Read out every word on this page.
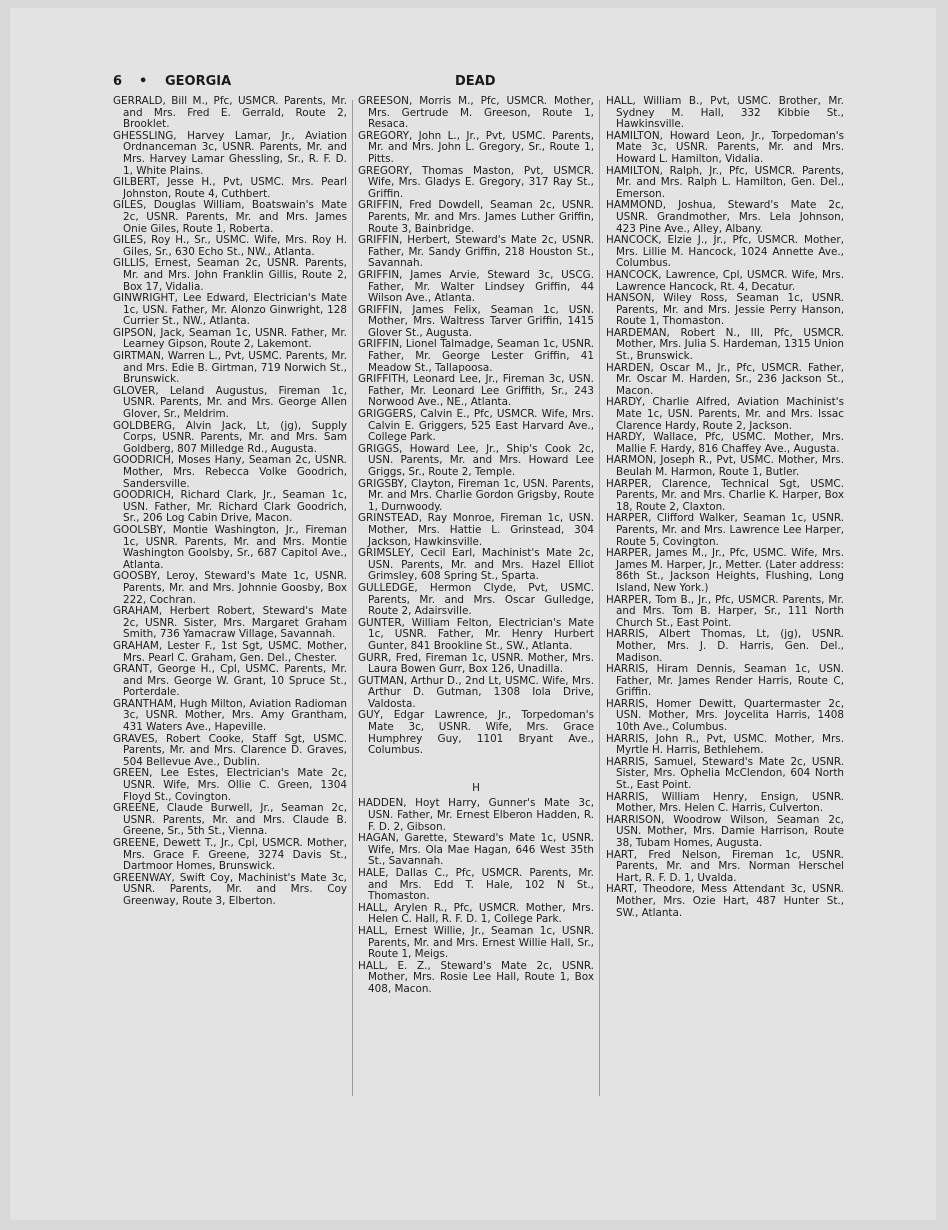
6 • GEORGIA	DEAD

GERRALD, Bill M., Pfc, USMCR. Parents, Mr. and Mrs. Fred E. Gerrald, Route 2, Brooklet.

GHESSLING, Harvey Lamar, Jr., Aviation Ordnanceman 3c, USNR. Parents, Mr. and Mrs. Harvey Lamar Ghessling, Sr., R. F. D. 1, White Plains.

GILBERT, Jesse H., Pvt, USMC. Mrs. Pearl Johnston, Route 4, Cuthbert.

GILES, Douglas William, Boatswain's Mate 2c, USNR. Parents, Mr. and Mrs. James Onie Giles, Route 1, Roberta.

GILES, Roy H., Sr., USMC. Wife, Mrs. Roy H. Giles, Sr., 630 Echo St., NW., Atlanta.

GILLIS, Ernest, Seaman 2c, USNR. Parents, Mr. and Mrs. John Franklin Gillis, Route 2, Box 17, Vidalia.

GINWRIGHT, Lee Edward, Electrician's Mate 1c, USN. Father, Mr. Alonzo Ginwright, 128 Currier St., NW., Atlanta.

GIPSON, Jack, Seaman 1c, USNR. Father, Mr. Learney Gipson, Route 2, Lakemont.

GIRTMAN, Warren L., Pvt, USMC. Parents, Mr. and Mrs. Edie B. Girtman, 719 Norwich St., Brunswick.

GLOVER, Leland Augustus, Fireman 1c, USNR. Parents, Mr. and Mrs. George Allen Glover, Sr., Meldrim.

GOLDBERG, Alvin Jack, Lt, (jg), Supply Corps, USNR. Parents, Mr. and Mrs. Sam Goldberg, 807 Milledge Rd., Augusta.

GOODRICH, Moses Hany, Seaman 2c, USNR. Mother, Mrs. Rebecca Volke Goodrich, Sandersville.

GOODRICH, Richard Clark, Jr., Seaman 1c, USN. Father, Mr. Richard Clark Goodrich, Sr., 206 Log Cabin Drive, Macon.

GOOLSBY, Montie Washington, Jr., Fireman 1c, USNR. Parents, Mr. and Mrs. Montie Washington Goolsby, Sr., 687 Capitol Ave., Atlanta.

GOOSBY, Leroy, Steward's Mate 1c, USNR. Parents, Mr. and Mrs. Johnnie Goosby, Box 222, Cochran.

GRAHAM, Herbert Robert, Steward's Mate 2c, USNR. Sister, Mrs. Margaret Graham Smith, 736 Yamacraw Village, Savannah.

GRAHAM, Lester F., 1st Sgt, USMC. Mother, Mrs. Pearl C. Graham, Gen. Del., Chester.

GRANT, George H., Cpl, USMC. Parents, Mr. and Mrs. George W. Grant, 10 Spruce St., Porterdale.

GRANTHAM, Hugh Milton, Aviation Radioman 3c, USNR. Mother, Mrs. Amy Grantham, 431 Waters Ave., Hapeville.

GRAVES, Robert Cooke, Staff Sgt, USMC. Parents, Mr. and Mrs. Clarence D. Graves, 504 Bellevue Ave., Dublin.

GREEN, Lee Estes, Electrician's Mate 2c, USNR. Wife, Mrs. Ollie C. Green, 1304 Floyd St., Covington.

GREENE, Claude Burwell, Jr., Seaman 2c, USNR. Parents, Mr. and Mrs. Claude B. Greene, Sr., 5th St., Vienna.

GREENE, Dewett T., Jr., Cpl, USMCR. Mother, Mrs. Grace F. Greene, 3274 Davis St., Dartmoor Homes, Brunswick.

GREENWAY, Swift Coy, Machinist's Mate 3c, USNR. Parents, Mr. and Mrs. Coy Greenway, Route 3, Elberton.

GREESON, Morris M., Pfc, USMCR. Mother, Mrs. Gertrude M. Greeson, Route 1, Resaca.

GREGORY, John L., Jr., Pvt, USMC. Parents, Mr. and Mrs. John L. Gregory, Sr., Route 1, Pitts.

GREGORY, Thomas Maston, Pvt, USMCR. Wife, Mrs. Gladys E. Gregory, 317 Ray St., Griffin.

GRIFFIN, Fred Dowdell, Seaman 2c, USNR. Parents, Mr. and Mrs. James Luther Griffin, Route 3, Bainbridge.

GRIFFIN, Herbert, Steward's Mate 2c, USNR. Father, Mr. Sandy Griffin, 218 Houston St., Savannah.

GRIFFIN, James Arvie, Steward 3c, USCG. Father, Mr. Walter Lindsey Griffin, 44 Wilson Ave., Atlanta.

GRIFFIN, James Felix, Seaman 1c, USN. Mother, Mrs. Waltress Tarver Griffin, 1415 Glover St., Augusta.

GRIFFIN, Lionel Talmadge, Seaman 1c, USNR. Father, Mr. George Lester Griffin, 41 Meadow St., Tallapoosa.

GRIFFITH, Leonard Lee, Jr., Fireman 3c, USN. Father, Mr. Leonard Lee Griffith, Sr., 243 Norwood Ave., NE., Atlanta.

GRIGGERS, Calvin E., Pfc, USMCR. Wife, Mrs. Calvin E. Griggers, 525 East Harvard Ave., College Park.

GRIGGS, Howard Lee, Jr., Ship's Cook 2c, USN. Parents, Mr. and Mrs. Howard Lee Griggs, Sr., Route 2, Temple.

GRIGSBY, Clayton, Fireman 1c, USN. Parents, Mr. and Mrs. Charlie Gordon Grigsby, Route 1, Durnwoody.

GRINSTEAD, Ray Monroe, Fireman 1c, USN. Mother, Mrs. Hattie L. Grinstead, 304 Jackson, Hawkinsville.

GRIMSLEY, Cecil Earl, Machinist's Mate 2c, USN. Parents, Mr. and Mrs. Hazel Elliot Grimsley, 608 Spring St., Sparta.

GULLEDGE, Hermon Clyde, Pvt, USMC. Parents, Mr. and Mrs. Oscar Gulledge, Route 2, Adairsville.

GUNTER, William Felton, Electrician's Mate 1c, USNR. Father, Mr. Henry Hurbert Gunter, 841 Brookline St., SW., Atlanta.

GURR, Fred, Fireman 1c, USNR. Mother, Mrs. Laura Bowen Gurr, Box 126, Unadilla.

GUTMAN, Arthur D., 2nd Lt, USMC. Wife, Mrs. Arthur D. Gutman, 1308 Iola Drive, Valdosta.

GUY, Edgar Lawrence, Jr., Torpedoman's Mate 3c, USNR. Wife, Mrs. Grace Humphrey Guy, 1101 Bryant Ave., Columbus.

H

HADDEN, Hoyt Harry, Gunner's Mate 3c, USN. Father, Mr. Ernest Elberon Hadden, R. F. D. 2, Gibson.

HAGAN, Garette, Steward's Mate 1c, USNR. Wife, Mrs. Ola Mae Hagan, 646 West 35th St., Savannah.

HALE, Dallas C., Pfc, USMCR. Parents, Mr. and Mrs. Edd T. Hale, 102 N St., Thomaston.

HALL, Arylen R., Pfc, USMCR. Mother, Mrs. Helen C. Hall, R. F. D. 1, College Park.

HALL, Ernest Willie, Jr., Seaman 1c, USNR. Parents, Mr. and Mrs. Ernest Willie Hall, Sr., Route 1, Meigs.

HALL, E. Z., Steward's Mate 2c, USNR. Mother, Mrs. Rosie Lee Hall, Route 1, Box 408, Macon.

HALL, William B., Pvt, USMC. Brother, Mr. Sydney M. Hall, 332 Kibbie St., Hawkinsville.

HAMILTON, Howard Leon, Jr., Torpedoman's Mate 3c, USNR. Parents, Mr. and Mrs. Howard L. Hamilton, Vidalia.

HAMILTON, Ralph, Jr., Pfc, USMCR. Parents, Mr. and Mrs. Ralph L. Hamilton, Gen. Del., Emerson.

HAMMOND, Joshua, Steward's Mate 2c, USNR. Grandmother, Mrs. Lela Johnson, 423 Pine Ave., Alley, Albany.

HANCOCK, Elzie J., Jr., Pfc, USMCR. Mother, Mrs. Lillie M. Hancock, 1024 Annette Ave., Columbus.

HANCOCK, Lawrence, Cpl, USMCR. Wife, Mrs. Lawrence Hancock, Rt. 4, Decatur.

HANSON, Wiley Ross, Seaman 1c, USNR. Parents, Mr. and Mrs. Jessie Perry Hanson, Route 1, Thomaston.

HARDEMAN, Robert N., III, Pfc, USMCR. Mother, Mrs. Julia S. Hardeman, 1315 Union St., Brunswick.

HARDEN, Oscar M., Jr., Pfc, USMCR. Father, Mr. Oscar M. Harden, Sr., 236 Jackson St., Macon.

HARDY, Charlie Alfred, Aviation Machinist's Mate 1c, USN. Parents, Mr. and Mrs. Issac Clarence Hardy, Route 2, Jackson.

HARDY, Wallace, Pfc, USMC. Mother, Mrs. Mallie F. Hardy, 816 Chaffey Ave., Augusta.

HARMON, Joseph R., Pvt, USMC. Mother, Mrs. Beulah M. Harmon, Route 1, Butler.

HARPER, Clarence, Technical Sgt, USMC. Parents, Mr. and Mrs. Charlie K. Harper, Box 18, Route 2, Claxton.

HARPER, Clifford Walker, Seaman 1c, USNR. Parents, Mr. and Mrs. Lawrence Lee Harper, Route 5, Covington.

HARPER, James M., Jr., Pfc, USMC. Wife, Mrs. James M. Harper, Jr., Metter. (Later address: 86th St., Jackson Heights, Flushing, Long Island, New York.)

HARPER, Tom B., Jr., Pfc, USMCR. Parents, Mr. and Mrs. Tom B. Harper, Sr., 111 North Church St., East Point.

HARRIS, Albert Thomas, Lt, (jg), USNR. Mother, Mrs. J. D. Harris, Gen. Del., Madison.

HARRIS, Hiram Dennis, Seaman 1c, USN. Father, Mr. James Render Harris, Route C, Griffin.

HARRIS, Homer Dewitt, Quartermaster 2c, USN. Mother, Mrs. Joycelita Harris, 1408 10th Ave., Columbus.

HARRIS, John R., Pvt, USMC. Mother, Mrs. Myrtle H. Harris, Bethlehem.

HARRIS, Samuel, Steward's Mate 2c, USNR. Sister, Mrs. Ophelia McClendon, 604 North St., East Point.

HARRIS, William Henry, Ensign, USNR. Mother, Mrs. Helen C. Harris, Culverton.

HARRISON, Woodrow Wilson, Seaman 2c, USN. Mother, Mrs. Damie Harrison, Route 38, Tubam Homes, Augusta.

HART, Fred Nelson, Fireman 1c, USNR. Parents, Mr. and Mrs. Norman Herschel Hart, R. F. D. 1, Uvalda.

HART, Theodore, Mess Attendant 3c, USNR. Mother, Mrs. Ozie Hart, 487 Hunter St., SW., Atlanta.
